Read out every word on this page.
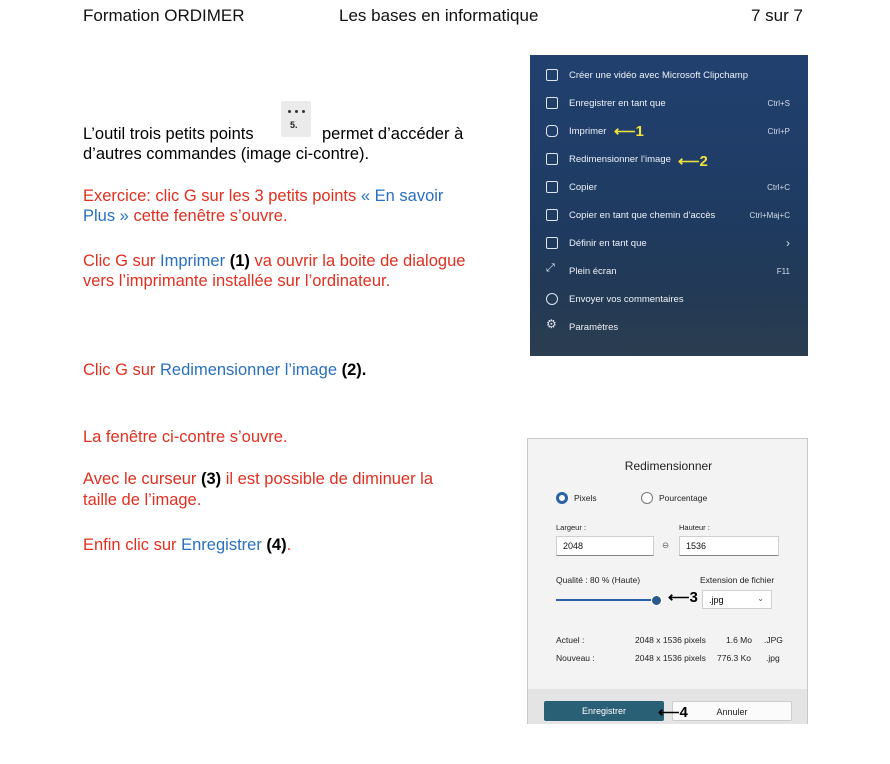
Formation ORDIMER	Les bases en informatique	7 sur 7
L’outil trois petits points	5. permet d’accéder à
d’autres commandes (image ci-contre).
Exercice: clic G sur les 3 petits points « En savoir
Plus » cette fenêtre s’ouvre.
Clic G sur Imprimer (1) va ouvrir la boite de dialogue
vers l’imprimante installée sur l’ordinateur.
Clic G sur Redimensionner l’image (2).
La fenêtre ci-contre s’ouvre.
Avec le curseur (3) il est possible de diminuer la
taille de l’image.
Enfin clic sur Enregistrer (4).
Créer une vidéo avec Microsoft Clipchamp
Enregistrer en tant que	Ctrl+S
Imprimer	Ctrl+P
Redimensionner l’image
Copier	Ctrl+C
Copier en tant que chemin d’accès	Ctrl+Maj+C
Définir en tant que	›
⤢	Plein écran	F11
Envoyer vos commentaires
⚙ Paramètres
⟵1
⟵2
Redimensionner
Pixels	Pourcentage
Largeur :	Hauteur :
2048	⊖	1536
Qualité : 80 % (Haute)	Extension de fichier
.jpg	⌄
⟵3
Actuel :	2048 x 1536 pixels 1.6 Mo .JPG
Nouveau :	2048 x 1536 pixels 776.3 Ko .jpg
Enregistrer	Annuler
⟵4
